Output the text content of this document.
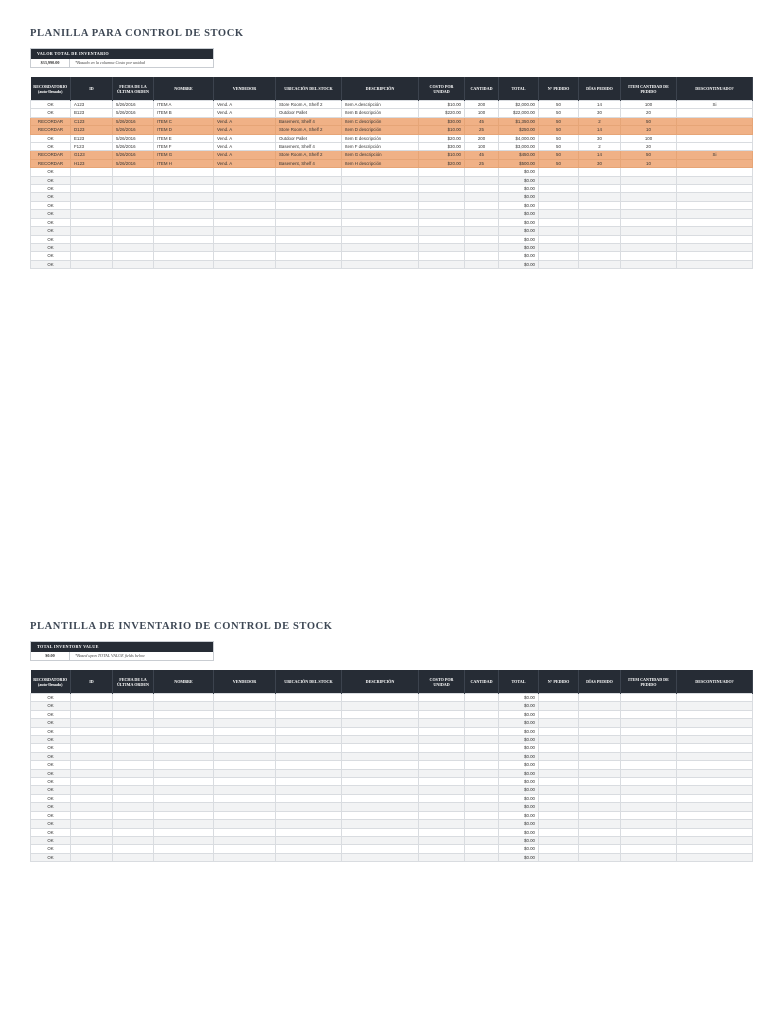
PLANILLA PARA CONTROL DE STOCK
VALOR TOTAL DE INVENTARIO
$33,990.00	*Basado en la columna Costo por unidad
RECORDATORIO (auto-llenado)	ID	FECHA DE LA ÚLTIMA ORDEN	NOMBRE	VENDEDOR	UBICACIÓN DEL STOCK	DESCRIPCIÓN	COSTO POR UNIDAD	CANTIDAD	TOTAL	N° PEDIDO	DÍAS PEDIDO	ITEM CANTIDAD DE PEDIDO	DESCONTINUADO?
OK	A123	5/26/2016	ITEM A	Vend. A	Store Room A, Shelf 2	Item A descripción	$10.00	200	$2,000.00	50	14	100	Si
OK	B123	5/26/2016	ITEM B	Vend. A	Outdoor Pallet	Item B descripción	$220.00	100	$22,000.00	50	30	20	
RECORDAR	C123	5/26/2016	ITEM C	Vend. A	Basement, Shelf 4	Item C descripción	$30.00	45	$1,350.00	50	2	50	
RECORDAR	D123	5/26/2016	ITEM D	Vend. A	Store Room A, Shelf 2	Item D descripción	$10.00	25	$250.00	50	14	10	
OK	E123	5/26/2016	ITEM E	Vend. A	Outdoor Pallet	Item E descripción	$20.00	200	$4,000.00	50	30	100	
OK	F123	5/26/2016	ITEM F	Vend. A	Basement, Shelf 4	Item F descripción	$30.00	100	$3,000.00	50	2	20	
RECORDAR	G123	5/26/2016	ITEM G	Vend. A	Store Room A, Shelf 2	Item G descripción	$10.00	45	$450.00	50	14	50	Si
RECORDAR	H123	5/26/2016	ITEM H	Vend. A	Basement, Shelf 4	Item H descripción	$20.00	25	$500.00	50	30	10	
OK									$0.00				
OK									$0.00				
OK									$0.00				
OK									$0.00				
OK									$0.00				
OK									$0.00				
OK									$0.00				
OK									$0.00				
OK									$0.00				
OK									$0.00				
OK									$0.00				
OK									$0.00				
PLANTILLA DE INVENTARIO DE CONTROL DE STOCK
TOTAL INVENTORY VALUE
$0.00	*Based upon TOTAL VALUE fields below
RECORDATORIO (auto-llenado)	ID	FECHA DE LA ÚLTIMA ORDEN	NOMBRE	VENDEDOR	UBICACIÓN DEL STOCK	DESCRIPCIÓN	COSTO POR UNIDAD	CANTIDAD	TOTAL	N° PEDIDO	DÍAS PEDIDO	ITEM CANTIDAD DE PEDIDO	DESCONTINUADO?
OK									$0.00				
OK									$0.00				
OK									$0.00				
OK									$0.00				
OK									$0.00				
OK									$0.00				
OK									$0.00				
OK									$0.00				
OK									$0.00				
OK									$0.00				
OK									$0.00				
OK									$0.00				
OK									$0.00				
OK									$0.00				
OK									$0.00				
OK									$0.00				
OK									$0.00				
OK									$0.00				
OK									$0.00				
OK									$0.00				
